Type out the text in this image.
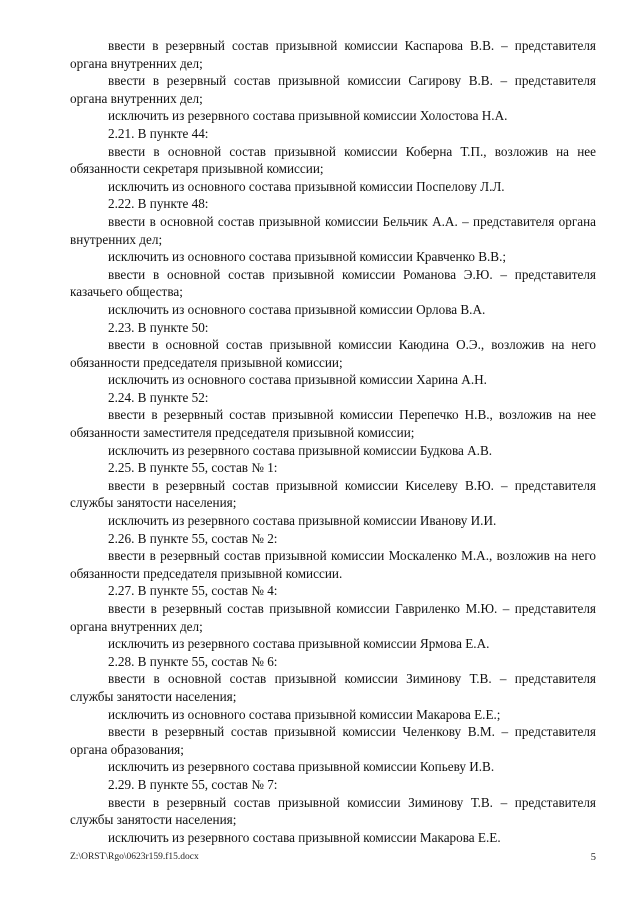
ввести в резервный состав призывной комиссии Каспарова В.В. – представителя органа внутренних дел;

ввести в резервный состав призывной комиссии Сагирову В.В. – представителя органа внутренних дел;

исключить из резервного состава призывной комиссии Холостова Н.А.

2.21. В пункте 44:

ввести в основной состав призывной комиссии Коберна Т.П., возложив на нее обязанности секретаря призывной комиссии;

исключить из основного состава призывной комиссии Поспелову Л.Л.

2.22. В пункте 48:

ввести в основной состав призывной комиссии Бельчик А.А. – представителя органа внутренних дел;

исключить из основного состава призывной комиссии Кравченко В.В.;

ввести в основной состав призывной комиссии Романова Э.Ю. – представителя казачьего общества;

исключить из основного состава призывной комиссии Орлова В.А.

2.23. В пункте 50:

ввести в основной состав призывной комиссии Каюдина О.Э., возложив на него обязанности председателя призывной комиссии;

исключить из основного состава призывной комиссии Харина А.Н.

2.24. В пункте 52:

ввести в резервный состав призывной комиссии Перепечко Н.В., возложив на нее обязанности заместителя председателя призывной комиссии;

исключить из резервного состава призывной комиссии Будкова А.В.

2.25. В пункте 55, состав № 1:

ввести в резервный состав призывной комиссии Киселеву В.Ю. – представителя службы занятости населения;

исключить из резервного состава призывной комиссии Иванову И.И.

2.26. В пункте 55, состав № 2:

ввести в резервный состав призывной комиссии Москаленко М.А., возложив на него обязанности председателя призывной комиссии.

2.27. В пункте 55, состав № 4:

ввести в резервный состав призывной комиссии Гавриленко М.Ю. – представителя органа внутренних дел;

исключить из резервного состава призывной комиссии Ярмова Е.А.

2.28. В пункте 55, состав № 6:

ввести в основной состав призывной комиссии Зиминову Т.В. – представителя службы занятости населения;

исключить из основного состава призывной комиссии Макарова Е.Е.;

ввести в резервный состав призывной комиссии Челенкову В.М. – представителя органа образования;

исключить из резервного состава призывной комиссии Копьеву И.В.

2.29. В пункте 55, состав № 7:

ввести в резервный состав призывной комиссии Зиминову Т.В. – представителя службы занятости населения;

исключить из резервного состава призывной комиссии Макарова Е.Е.

Z:\ORST\Rgo\0623r159.f15.docx	5
